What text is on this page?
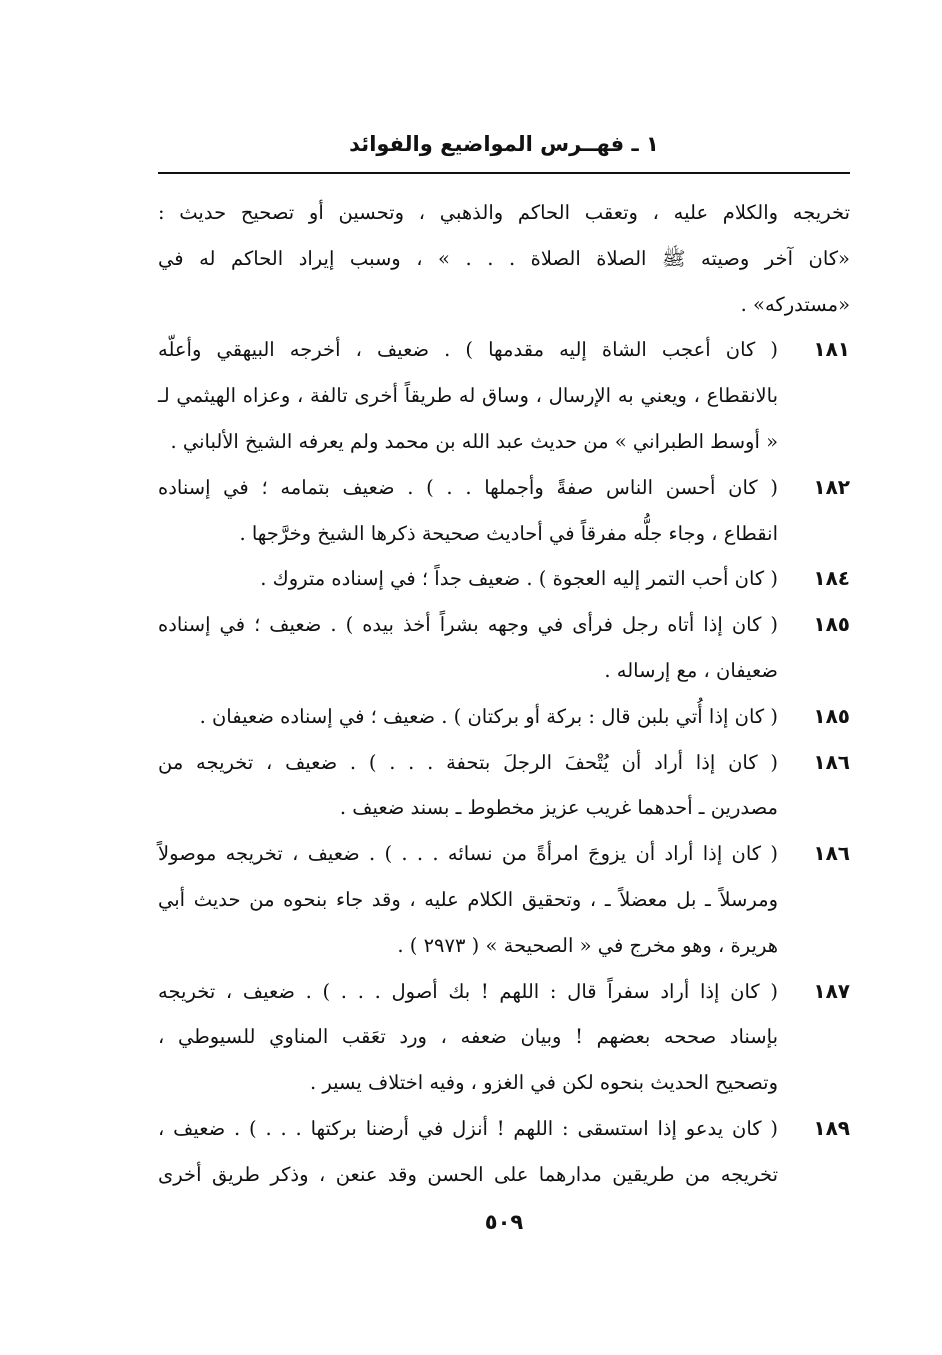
١ ـ فهــرس المواضيع والفوائد
تخريجه والكلام عليه ، وتعقب الحاكم والذهبي ، وتحسين أو تصحيح حديث :
«كان آخر وصيته ﷺ الصلاة الصلاة . . . » ، وسبب إيراد الحاكم له في
«مستدركه» .
١٨١
( كان أعجب الشاة إليه مقدمها ) . ضعيف ، أخرجه البيهقي وأعلّه
بالانقطاع ، ويعني به الإرسال ، وساق له طريقاً أخرى تالفة ، وعزاه الهيثمي لـ
« أوسط الطبراني » من حديث عبد الله بن محمد ولم يعرفه الشيخ الألباني .
١٨٢
( كان أحسن الناس صفةً وأجملها . . ) . ضعيف بتمامه ؛ في إسناده
انقطاع ، وجاء جلُّه مفرقاً في أحاديث صحيحة ذكرها الشيخ وخرَّجها .
١٨٤
( كان أحب التمر إليه العجوة ) . ضعيف جداً ؛ في إسناده متروك .
١٨٥
( كان إذا أتاه رجل فرأى في وجهه بشراً أخذ بيده ) . ضعيف ؛ في إسناده
ضعيفان ، مع إرساله .
١٨٥
( كان إذا أُتي بلبن قال : بركة أو بركتان ) . ضعيف ؛ في إسناده ضعيفان .
١٨٦
( كان إذا أراد أن يُتْحفَ الرجلَ بتحفة . . . ) . ضعيف ، تخريجه من
مصدرين ـ أحدهما غريب عزيز مخطوط ـ بسند ضعيف .
١٨٦
( كان إذا أراد أن يزوجَ امرأةً من نسائه . . . ) . ضعيف ، تخريجه موصولاً
ومرسلاً ـ بل معضلاً ـ ، وتحقيق الكلام عليه ، وقد جاء بنحوه من حديث أبي
هريرة ، وهو مخرج في « الصحيحة » ( ٢٩٧٣ ) .
١٨٧
( كان إذا أراد سفراً قال : اللهم ! بك أصول . . . ) . ضعيف ، تخريجه
بإسناد صححه بعضهم ! وبيان ضعفه ، ورد تعَقب المناوي للسيوطي ،
وتصحيح الحديث بنحوه لكن في الغزو ، وفيه اختلاف يسير .
١٨٩
( كان يدعو إذا استسقى : اللهم ! أنزل في أرضنا بركتها . . . ) . ضعيف ،
تخريجه من طريقين مدارهما على الحسن وقد عنعن ، وذكر طريق أخرى
٥٠٩
